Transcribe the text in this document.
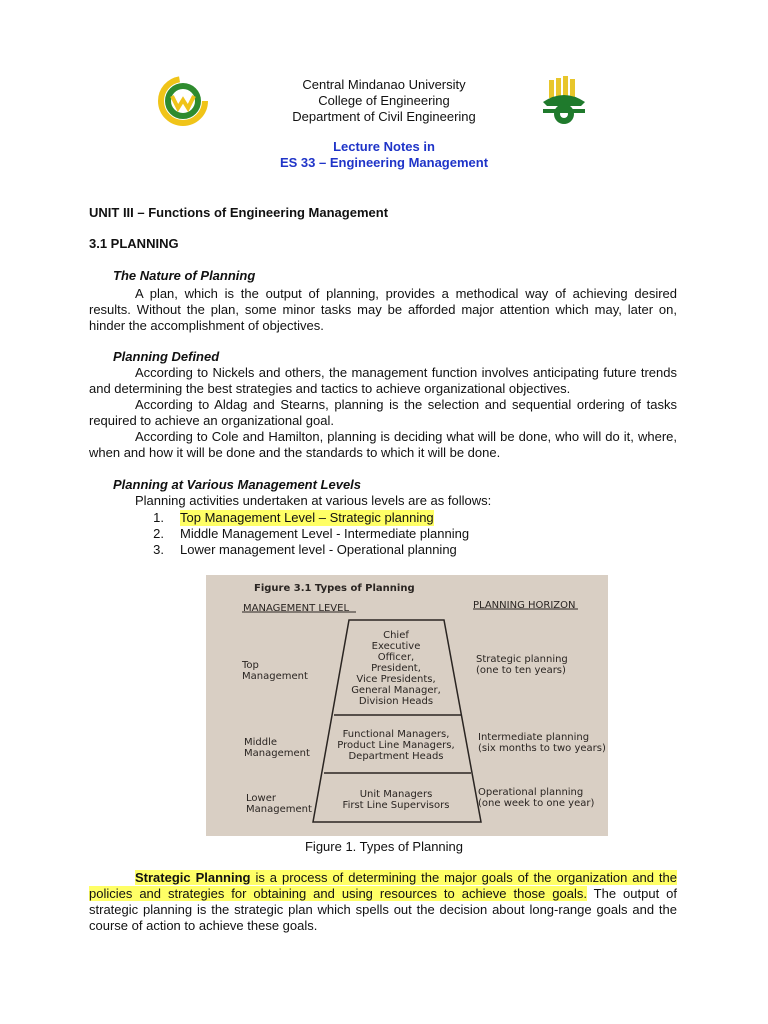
Central Mindanao University
College of Engineering
Department of Civil Engineering
Lecture Notes in
ES 33 – Engineering Management
UNIT III – Functions of Engineering Management
3.1 PLANNING
The Nature of Planning
A plan, which is the output of planning, provides a methodical way of achieving desired results. Without the plan, some minor tasks may be afforded major attention which may, later on, hinder the accomplishment of objectives.
Planning Defined
According to Nickels and others, the management function involves anticipating future trends and determining the best strategies and tactics to achieve organizational objectives.
According to Aldag and Stearns, planning is the selection and sequential ordering of tasks required to achieve an organizational goal.
According to Cole and Hamilton, planning is deciding what will be done, who will do it, where, when and how it will be done and the standards to which it will be done.
Planning at Various Management Levels
Planning activities undertaken at various levels are as follows:
1. Top Management Level – Strategic planning
2. Middle Management Level - Intermediate planning
3. Lower management level - Operational planning
Figure 3.1 Types of Planning
MANAGEMENT LEVEL	PLANNING HORIZON
Top
Management
Middle
Management
Lower
Management
Chief
Executive
Officer,
President,
Vice Presidents,
General Manager,
Division Heads
Functional Managers,
Product Line Managers,
Department Heads
Unit Managers
First Line Supervisors
Strategic planning
(one to ten years)
Intermediate planning
(six months to two years)
Operational planning
(one week to one year)
Figure 1. Types of Planning
Strategic Planning is a process of determining the major goals of the organization and the policies and strategies for obtaining and using resources to achieve those goals. The output of strategic planning is the strategic plan which spells out the decision about long-range goals and the course of action to achieve these goals.
